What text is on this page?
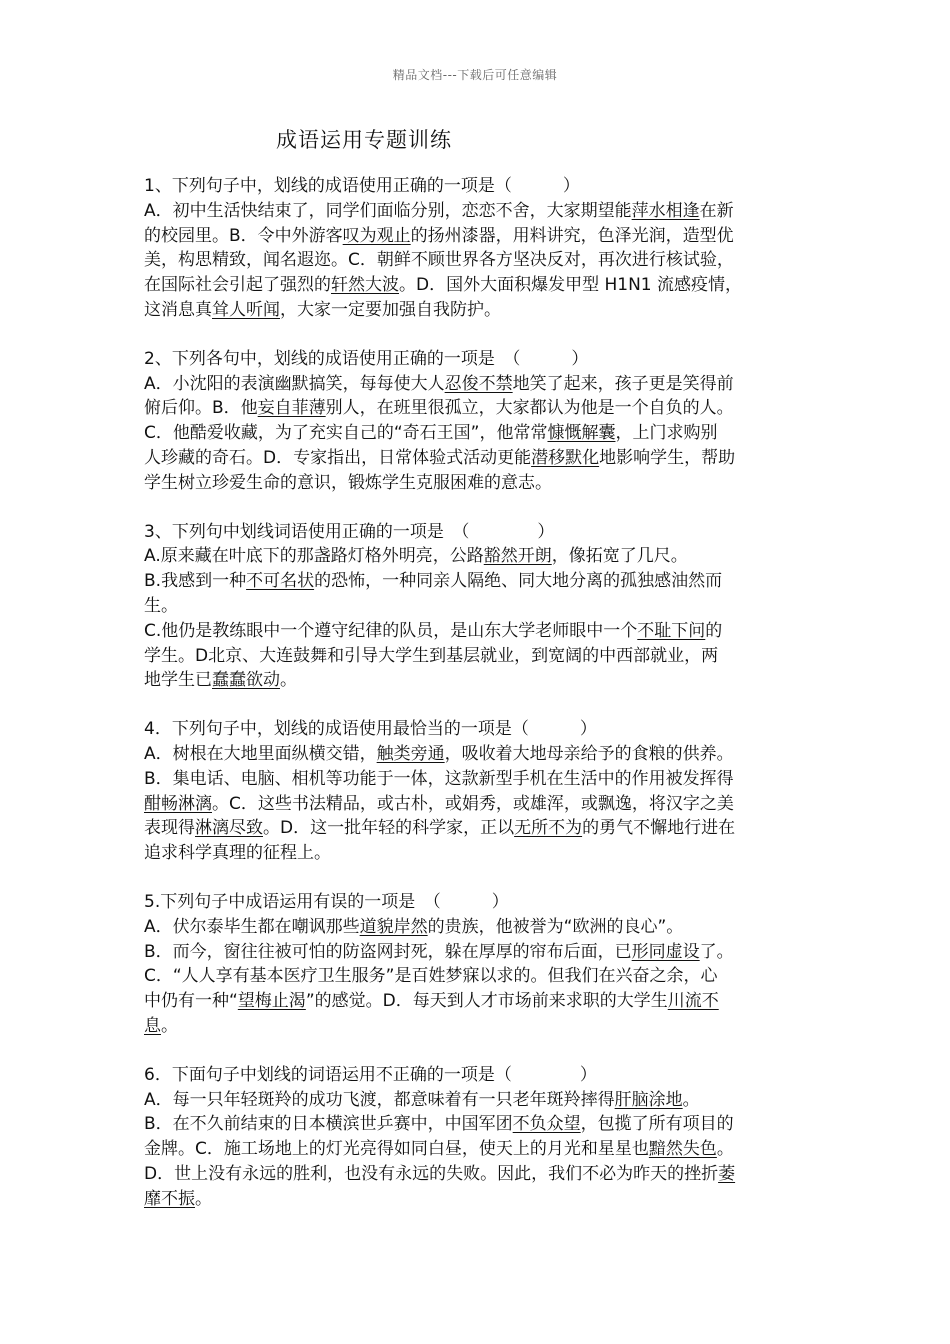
精品文档---下载后可任意编辑
成语运用专题训练
1、下列句子中，划线的成语使用正确的一项是（　　　）
A．初中生活快结束了，同学们面临分别，恋恋不舍，大家期望能萍水相逢在新
的校园里。B．令中外游客叹为观止的扬州漆器，用料讲究，色泽光润，造型优
美，构思精致，闻名遐迩。C．朝鲜不顾世界各方坚决反对，再次进行核试验，
在国际社会引起了强烈的轩然大波。D．国外大面积爆发甲型 H1N1 流感疫情，
这消息真耸人听闻，大家一定要加强自我防护。
2、下列各句中，划线的成语使用正确的一项是　（　　　）
A．小沈阳的表演幽默搞笑，每每使大人忍俊不禁地笑了起来，孩子更是笑得前
俯后仰。B．他妄自菲薄别人，在班里很孤立，大家都认为他是一个自负的人。
C．他酷爱收藏，为了充实自己的“奇石王国”，他常常慷慨解囊，上门求购别
人珍藏的奇石。D．专家指出，日常体验式活动更能潜移默化地影响学生，帮助
学生树立珍爱生命的意识，锻炼学生克服困难的意志。
3、下列句中划线词语使用正确的一项是　（　　　　）
A.原来藏在叶底下的那盏路灯格外明亮，公路豁然开朗，像拓宽了几尺。
B.我感到一种不可名状的恐怖，一种同亲人隔绝、同大地分离的孤独感油然而
生。
C.他仍是教练眼中一个遵守纪律的队员，是山东大学老师眼中一个不耻下问的
学生。D北京、大连鼓舞和引导大学生到基层就业，到宽阔的中西部就业，两
地学生已蠢蠢欲动。
4．下列句子中，划线的成语使用最恰当的一项是（　　　）
A．树根在大地里面纵横交错，触类旁通，吸收着大地母亲给予的食粮的供养。
B．集电话、电脑、相机等功能于一体，这款新型手机在生活中的作用被发挥得
酣畅淋漓。C．这些书法精品，或古朴，或娟秀，或雄浑，或飘逸，将汉字之美
表现得淋漓尽致。D．这一批年轻的科学家，正以无所不为的勇气不懈地行进在
追求科学真理的征程上。
5.下列句子中成语运用有误的一项是　（　　　）
A．伏尔泰毕生都在嘲讽那些道貌岸然的贵族，他被誉为“欧洲的良心”。
B．而今，窗往往被可怕的防盗网封死，躲在厚厚的帘布后面，已形同虚设了。
C．“人人享有基本医疗卫生服务”是百姓梦寐以求的。但我们在兴奋之余，心
中仍有一种“望梅止渴”的感觉。D．每天到人才市场前来求职的大学生川流不
息。
6．下面句子中划线的词语运用不正确的一项是（　　　　）
A．每一只年轻斑羚的成功飞渡，都意味着有一只老年斑羚摔得肝脑涂地。
B．在不久前结束的日本横滨世乒赛中，中国军团不负众望，包揽了所有项目的
金牌。C．施工场地上的灯光亮得如同白昼，使天上的月光和星星也黯然失色。
D．世上没有永远的胜利，也没有永远的失败。因此，我们不必为昨天的挫折萎
靡不振。
